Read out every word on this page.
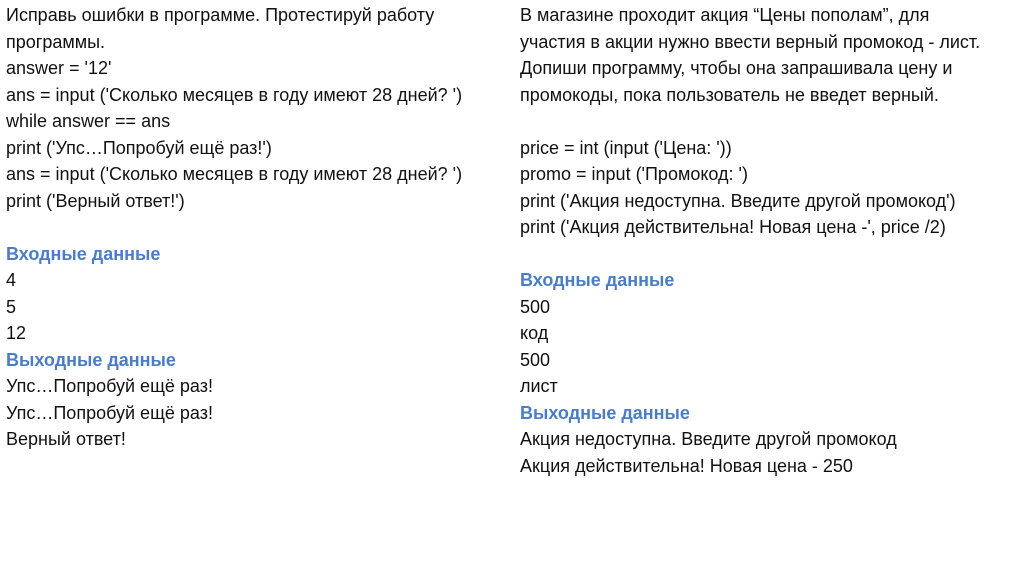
Исправь ошибки в программе. Протестируй работу
программы.
answer = '12'
ans = input ('Сколько месяцев в году имеют 28 дней? ')
while answer == ans
print ('Упс…Попробуй ещё раз!')
ans = input ('Сколько месяцев в году имеют 28 дней? ')
print ('Верный ответ!')
Входные данные
4
5
12
Выходные данные
Упс…Попробуй ещё раз!
Упс…Попробуй ещё раз!
Верный ответ!
В магазине проходит акция “Цены пополам”, для
участия в акции нужно ввести верный промокод - лист.
Допиши программу, чтобы она запрашивала цену и
промокоды, пока пользователь не введет верный.
price = int (input ('Цена: '))
promo = input ('Промокод: ')
print ('Акция недоступна. Введите другой промокод')
print ('Акция действительна! Новая цена -', price /2)
Входные данные
500
код
500
лист
Выходные данные
Акция недоступна. Введите другой промокод
Акция действительна! Новая цена - 250
